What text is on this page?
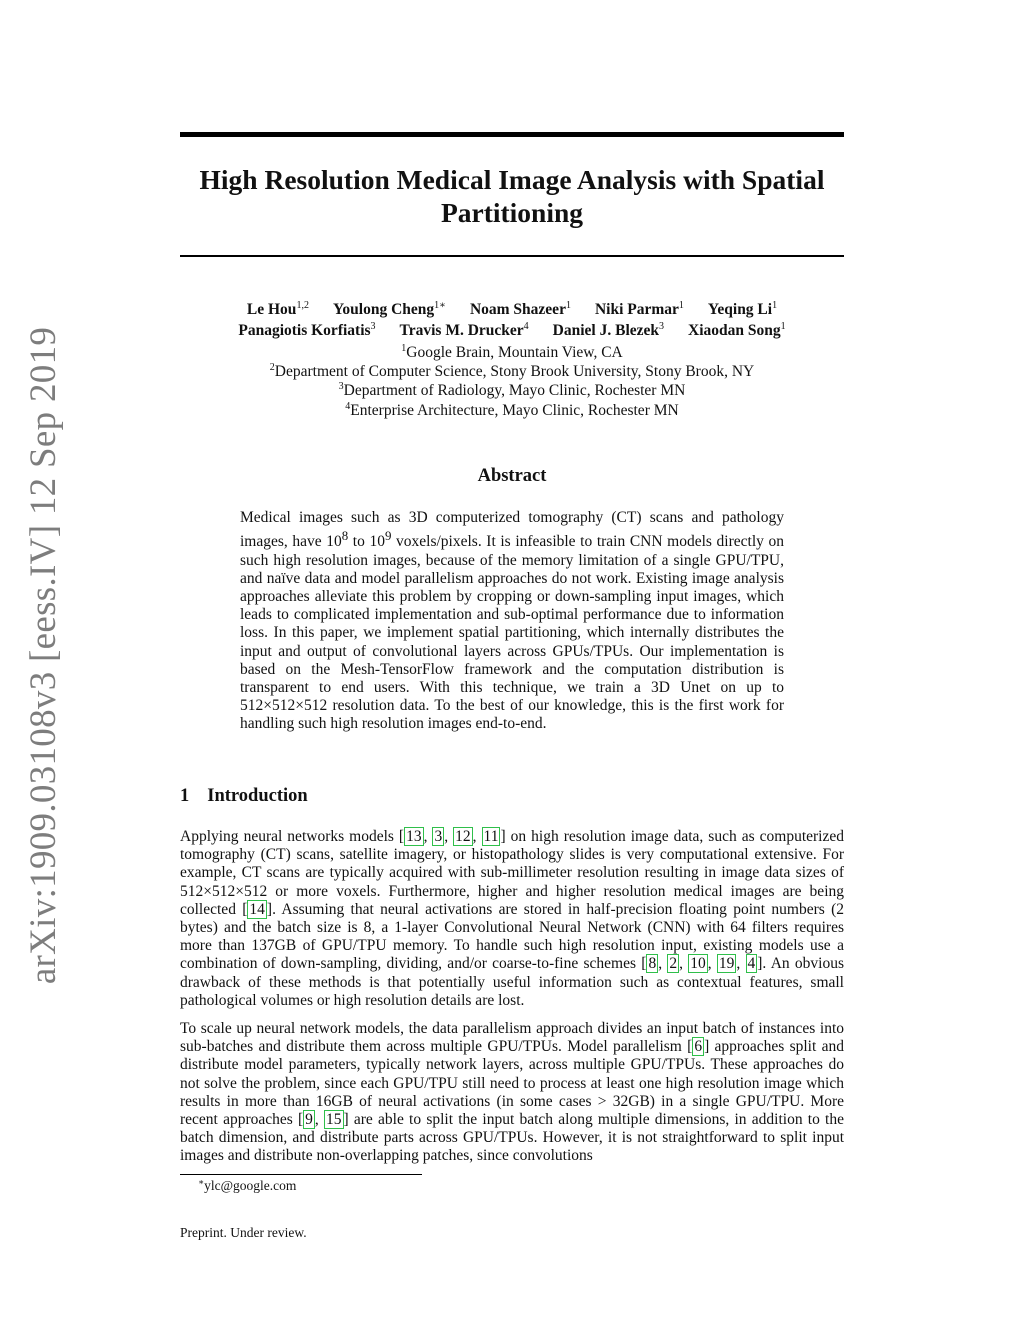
arXiv:1909.03108v3 [eess.IV] 12 Sep 2019
High Resolution Medical Image Analysis with Spatial Partitioning
Le Hou$^{1,2}$ Youlong Cheng$^{1∗}$ Noam Shazeer$^1$ Niki Parmar$^1$ Yeqing Li$^1$
Panagiotis Korfiatis$^3$ Travis M. Drucker$^4$ Daniel J. Blezek$^3$ Xiaodan Song$^1$
$^1$Google Brain, Mountain View, CA
$^2$Department of Computer Science, Stony Brook University, Stony Brook, NY
$^3$Department of Radiology, Mayo Clinic, Rochester MN
$^4$Enterprise Architecture, Mayo Clinic, Rochester MN
Abstract

Medical images such as 3D computerized tomography (CT) scans and pathology images, have $10^8$ to $10^9$ voxels/pixels. It is infeasible to train CNN models directly on such high resolution images, because of the memory limitation of a single GPU/TPU, and naïve data and model parallelism approaches do not work. Existing image analysis approaches alleviate this problem by cropping or down-sampling input images, which leads to complicated implementation and sub-optimal performance due to information loss. In this paper, we implement spatial partitioning, which internally distributes the input and output of convolutional layers across GPUs/TPUs. Our implementation is based on the Mesh-TensorFlow framework and the computation distribution is transparent to end users. With this technique, we train a 3D Unet on up to 512×512×512 resolution data. To the best of our knowledge, this is the first work for handling such high resolution images end-to-end.

1 Introduction

Applying neural networks models [ 13 , 3 , 12 , 11 ] on high resolution image data, such as computerized tomography (CT) scans, satellite imagery, or histopathology slides is very computational extensive. For example, CT scans are typically acquired with sub-millimeter resolution resulting in image data sizes of 512×512×512 or more voxels. Furthermore, higher and higher resolution medical images are being collected [ 14 ]. Assuming that neural activations are stored in half-precision floating point numbers (2 bytes) and the batch size is 8, a 1-layer Convolutional Neural Network (CNN) with 64 filters requires more than 137GB of GPU/TPU memory. To handle such high resolution input, existing models use a combination of down-sampling, dividing, and/or coarse-to-fine schemes [ 8 , 2 , 10 , 19 , 4 ]. An obvious drawback of these methods is that potentially useful information such as contextual features, small pathological volumes or high resolution details are lost.

To scale up neural network models, the data parallelism approach divides an input batch of instances into sub-batches and distribute them across multiple GPU/TPUs. Model parallelism [ 6 ] approaches split and distribute model parameters, typically network layers, across multiple GPU/TPUs. These approaches do not solve the problem, since each GPU/TPU still need to process at least one high resolution image which results in more than 16GB of neural activations (in some cases > 32GB) in a single GPU/TPU. More recent approaches [ 9 , 15 ] are able to split the input batch along multiple dimensions, in addition to the batch dimension, and distribute parts across GPU/TPUs. However, it is not straightforward to split input images and distribute non-overlapping patches, since convolutions

∗ylc@google.com

Preprint. Under review.
